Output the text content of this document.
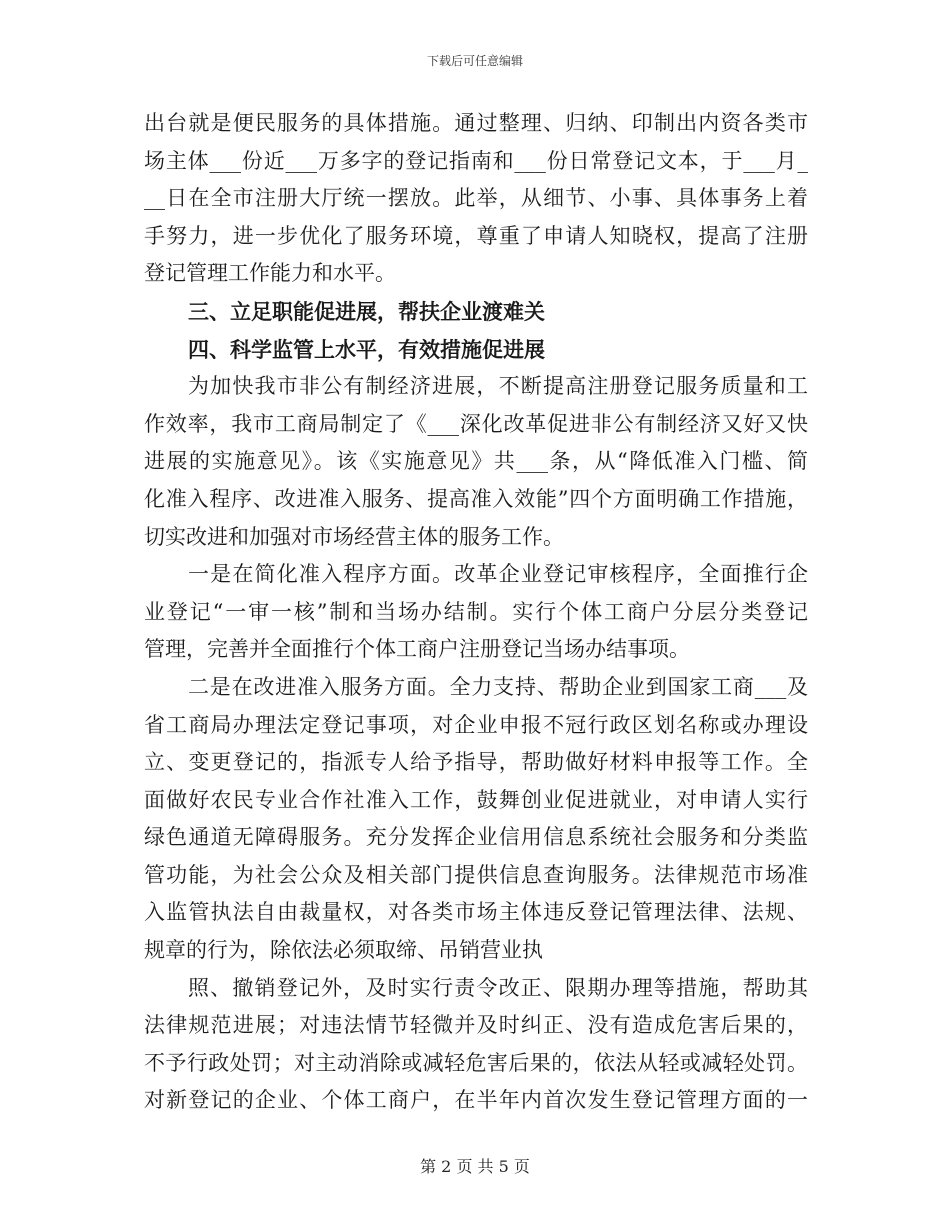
下载后可任意编辑
出台就是便民服务的具体措施。通过整理、归纳、印制出内资各类市
场主体___份近___万多字的登记指南和___份日常登记文本，于___月_
__日在全市注册大厅统一摆放。此举，从细节、小事、具体事务上着
手努力，进一步优化了服务环境，尊重了申请人知晓权，提高了注册
登记管理工作能力和水平。
三、立足职能促进展，帮扶企业渡难关
四、科学监管上水平，有效措施促进展
为加快我市非公有制经济进展，不断提高注册登记服务质量和工
作效率，我市工商局制定了《___深化改革促进非公有制经济又好又快
进展的实施意见》。该《实施意见》共___条，从“降低准入门槛、简
化准入程序、改进准入服务、提高准入效能”四个方面明确工作措施，
切实改进和加强对市场经营主体的服务工作。
一是在简化准入程序方面。改革企业登记审核程序，全面推行企
业登记“一审一核”制和当场办结制。实行个体工商户分层分类登记
管理，完善并全面推行个体工商户注册登记当场办结事项。
二是在改进准入服务方面。全力支持、帮助企业到国家工商___及
省工商局办理法定登记事项，对企业申报不冠行政区划名称或办理设
立、变更登记的，指派专人给予指导，帮助做好材料申报等工作。全
面做好农民专业合作社准入工作，鼓舞创业促进就业，对申请人实行
绿色通道无障碍服务。充分发挥企业信用信息系统社会服务和分类监
管功能，为社会公众及相关部门提供信息查询服务。法律规范市场准
入监管执法自由裁量权，对各类市场主体违反登记管理法律、法规、
规章的行为，除依法必须取缔、吊销营业执
照、撤销登记外，及时实行责令改正、限期办理等措施，帮助其
法律规范进展；对违法情节轻微并及时纠正、没有造成危害后果的，
不予行政处罚；对主动消除或减轻危害后果的，依法从轻或减轻处罚。
对新登记的企业、个体工商户，在半年内首次发生登记管理方面的一
第 2 页 共 5 页
